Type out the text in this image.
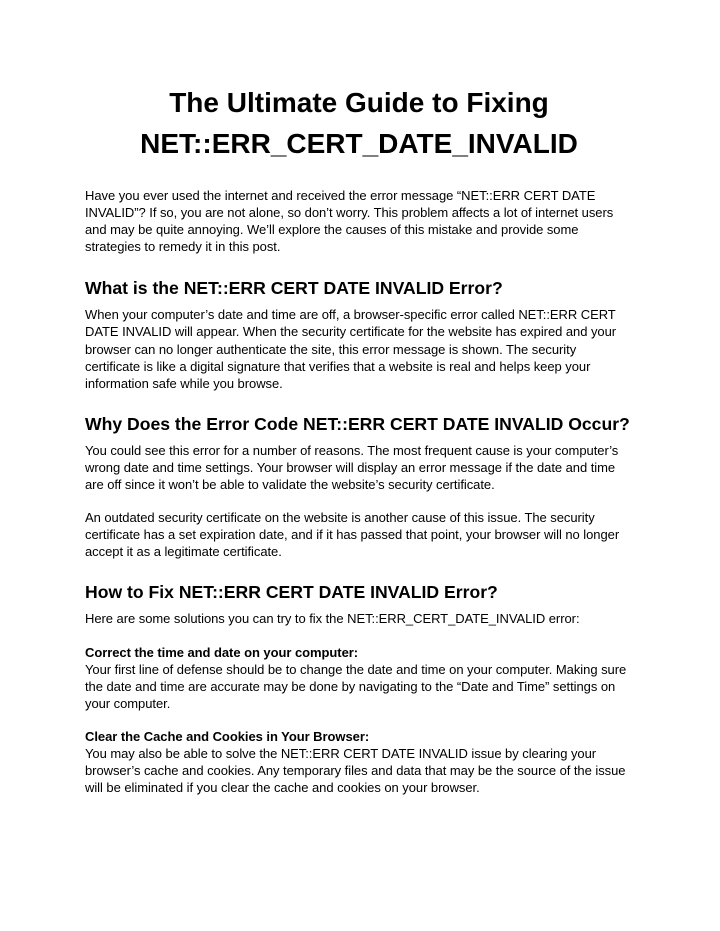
The Ultimate Guide to Fixing
NET::ERR_CERT_DATE_INVALID

Have you ever used the internet and received the error message “NET::ERR CERT DATE INVALID”? If so, you are not alone, so don’t worry. This problem affects a lot of internet users and may be quite annoying. We’ll explore the causes of this mistake and provide some strategies to remedy it in this post.

What is the NET::ERR CERT DATE INVALID Error?

When your computer’s date and time are off, a browser-specific error called NET::ERR CERT DATE INVALID will appear. When the security certificate for the website has expired and your browser can no longer authenticate the site, this error message is shown. The security certificate is like a digital signature that verifies that a website is real and helps keep your information safe while you browse.

Why Does the Error Code NET::ERR CERT DATE INVALID Occur?

You could see this error for a number of reasons. The most frequent cause is your computer’s wrong date and time settings. Your browser will display an error message if the date and time are off since it won’t be able to validate the website’s security certificate.

An outdated security certificate on the website is another cause of this issue. The security certificate has a set expiration date, and if it has passed that point, your browser will no longer accept it as a legitimate certificate.

How to Fix NET::ERR CERT DATE INVALID Error?

Here are some solutions you can try to fix the NET::ERR_CERT_DATE_INVALID error:

Correct the time and date on your computer:
Your first line of defense should be to change the date and time on your computer. Making sure the date and time are accurate may be done by navigating to the “Date and Time” settings on your computer.

Clear the Cache and Cookies in Your Browser:
You may also be able to solve the NET::ERR CERT DATE INVALID issue by clearing your browser’s cache and cookies. Any temporary files and data that may be the source of the issue will be eliminated if you clear the cache and cookies on your browser.
